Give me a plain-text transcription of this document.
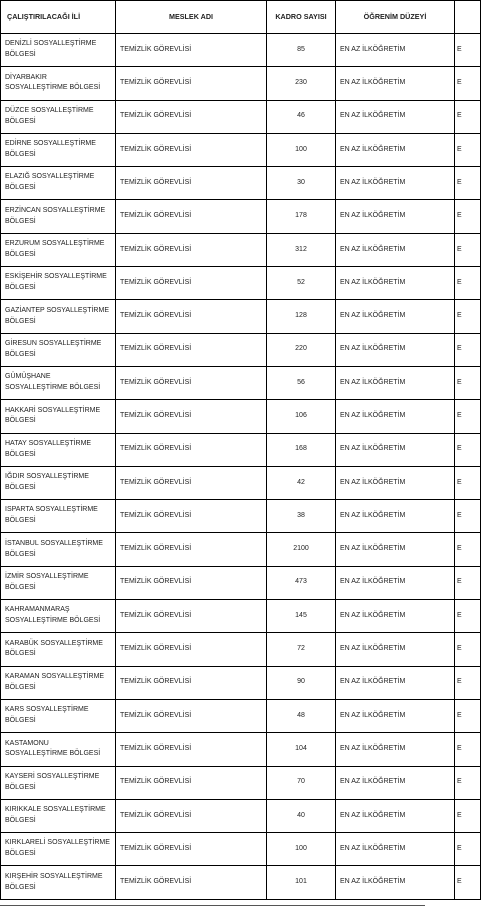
ÇALIŞTIRILACAĞI İLİ	MESLEK ADI	KADRO SAYISI	ÖĞRENİM DÜZEYİ	
DENİZLİ SOSYALLEŞTİRME BÖLGESİ	TEMİZLİK GÖREVLİSİ	85	EN AZ İLKÖĞRETİM	E
DİYARBAKIR SOSYALLEŞTİRME BÖLGESİ	TEMİZLİK GÖREVLİSİ	230	EN AZ İLKÖĞRETİM	E
DÜZCE SOSYALLEŞTİRME BÖLGESİ	TEMİZLİK GÖREVLİSİ	46	EN AZ İLKÖĞRETİM	E
EDİRNE SOSYALLEŞTİRME BÖLGESİ	TEMİZLİK GÖREVLİSİ	100	EN AZ İLKÖĞRETİM	E
ELAZIĞ SOSYALLEŞTİRME BÖLGESİ	TEMİZLİK GÖREVLİSİ	30	EN AZ İLKÖĞRETİM	E
ERZİNCAN SOSYALLEŞTİRME BÖLGESİ	TEMİZLİK GÖREVLİSİ	178	EN AZ İLKÖĞRETİM	E
ERZURUM SOSYALLEŞTİRME BÖLGESİ	TEMİZLİK GÖREVLİSİ	312	EN AZ İLKÖĞRETİM	E
ESKİŞEHİR SOSYALLEŞTİRME BÖLGESİ	TEMİZLİK GÖREVLİSİ	52	EN AZ İLKÖĞRETİM	E
GAZİANTEP SOSYALLEŞTİRME BÖLGESİ	TEMİZLİK GÖREVLİSİ	128	EN AZ İLKÖĞRETİM	E
GİRESUN SOSYALLEŞTİRME BÖLGESİ	TEMİZLİK GÖREVLİSİ	220	EN AZ İLKÖĞRETİM	E
GÜMÜŞHANE SOSYALLEŞTİRME BÖLGESİ	TEMİZLİK GÖREVLİSİ	56	EN AZ İLKÖĞRETİM	E
HAKKARİ SOSYALLEŞTİRME BÖLGESİ	TEMİZLİK GÖREVLİSİ	106	EN AZ İLKÖĞRETİM	E
HATAY SOSYALLEŞTİRME BÖLGESİ	TEMİZLİK GÖREVLİSİ	168	EN AZ İLKÖĞRETİM	E
IĞDIR SOSYALLEŞTİRME BÖLGESİ	TEMİZLİK GÖREVLİSİ	42	EN AZ İLKÖĞRETİM	E
ISPARTA SOSYALLEŞTİRME BÖLGESİ	TEMİZLİK GÖREVLİSİ	38	EN AZ İLKÖĞRETİM	E
İSTANBUL SOSYALLEŞTİRME BÖLGESİ	TEMİZLİK GÖREVLİSİ	2100	EN AZ İLKÖĞRETİM	E
İZMİR SOSYALLEŞTİRME BÖLGESİ	TEMİZLİK GÖREVLİSİ	473	EN AZ İLKÖĞRETİM	E
KAHRAMANMARAŞ SOSYALLEŞTİRME BÖLGESİ	TEMİZLİK GÖREVLİSİ	145	EN AZ İLKÖĞRETİM	E
KARABÜK SOSYALLEŞTİRME BÖLGESİ	TEMİZLİK GÖREVLİSİ	72	EN AZ İLKÖĞRETİM	E
KARAMAN SOSYALLEŞTİRME BÖLGESİ	TEMİZLİK GÖREVLİSİ	90	EN AZ İLKÖĞRETİM	E
KARS SOSYALLEŞTİRME BÖLGESİ	TEMİZLİK GÖREVLİSİ	48	EN AZ İLKÖĞRETİM	E
KASTAMONU SOSYALLEŞTİRME BÖLGESİ	TEMİZLİK GÖREVLİSİ	104	EN AZ İLKÖĞRETİM	E
KAYSERİ SOSYALLEŞTİRME BÖLGESİ	TEMİZLİK GÖREVLİSİ	70	EN AZ İLKÖĞRETİM	E
KIRIKKALE SOSYALLEŞTİRME BÖLGESİ	TEMİZLİK GÖREVLİSİ	40	EN AZ İLKÖĞRETİM	E
KIRKLARELİ SOSYALLEŞTİRME BÖLGESİ	TEMİZLİK GÖREVLİSİ	100	EN AZ İLKÖĞRETİM	E
KIRŞEHİR SOSYALLEŞTİRME BÖLGESİ	TEMİZLİK GÖREVLİSİ	101	EN AZ İLKÖĞRETİM	E
